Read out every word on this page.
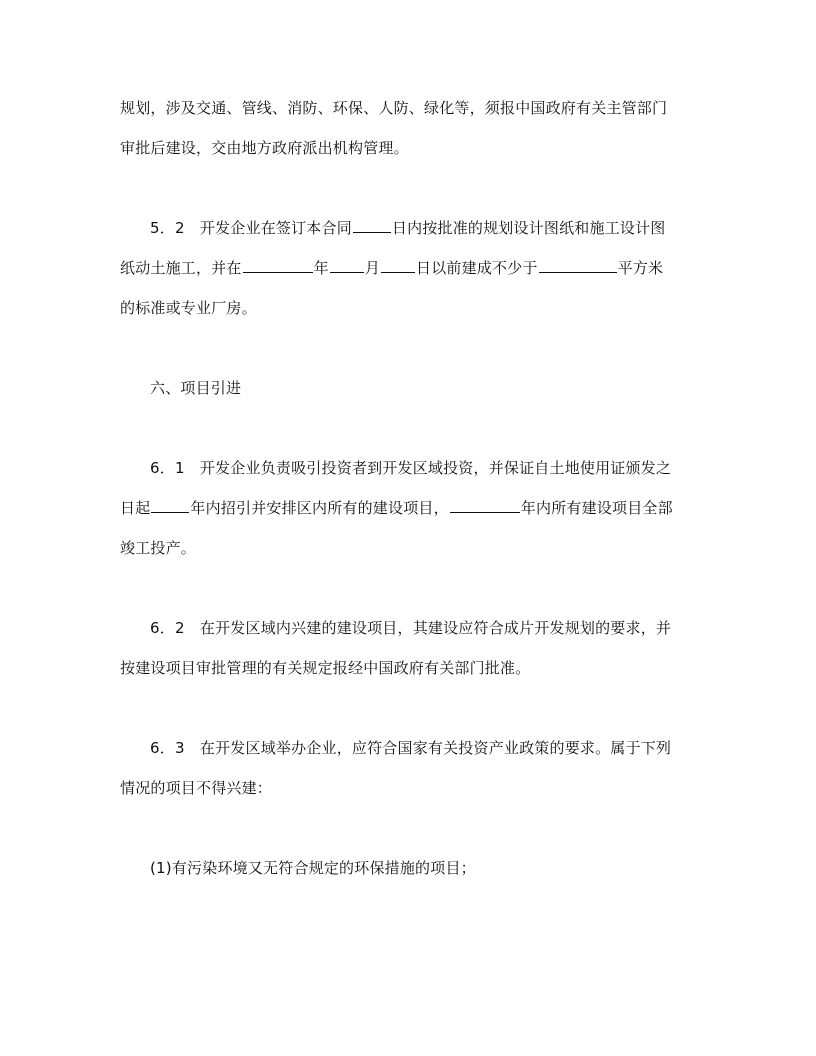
规划，涉及交通、管线、消防、环保、人防、绿化等，须报中国政府有关主管部门
审批后建设，交由地方政府派出机构管理。
5．2　开发企业在签订本合同	日内按批准的规划设计图纸和施工设计图
纸动土施工，并在	年 月 日以前建成不少于	平方米
的标准或专业厂房。
六、项目引进
6．1　开发企业负责吸引投资者到开发区域投资，并保证自土地使用证颁发之
日起	年内招引并安排区内所有的建设项目，	年内所有建设项目全部
竣工投产。
6．2　在开发区域内兴建的建设项目，其建设应符合成片开发规划的要求，并
按建设项目审批管理的有关规定报经中国政府有关部门批准。
6．3　在开发区域举办企业，应符合国家有关投资产业政策的要求。属于下列
情况的项目不得兴建：
(1)有污染环境又无符合规定的环保措施的项目；
